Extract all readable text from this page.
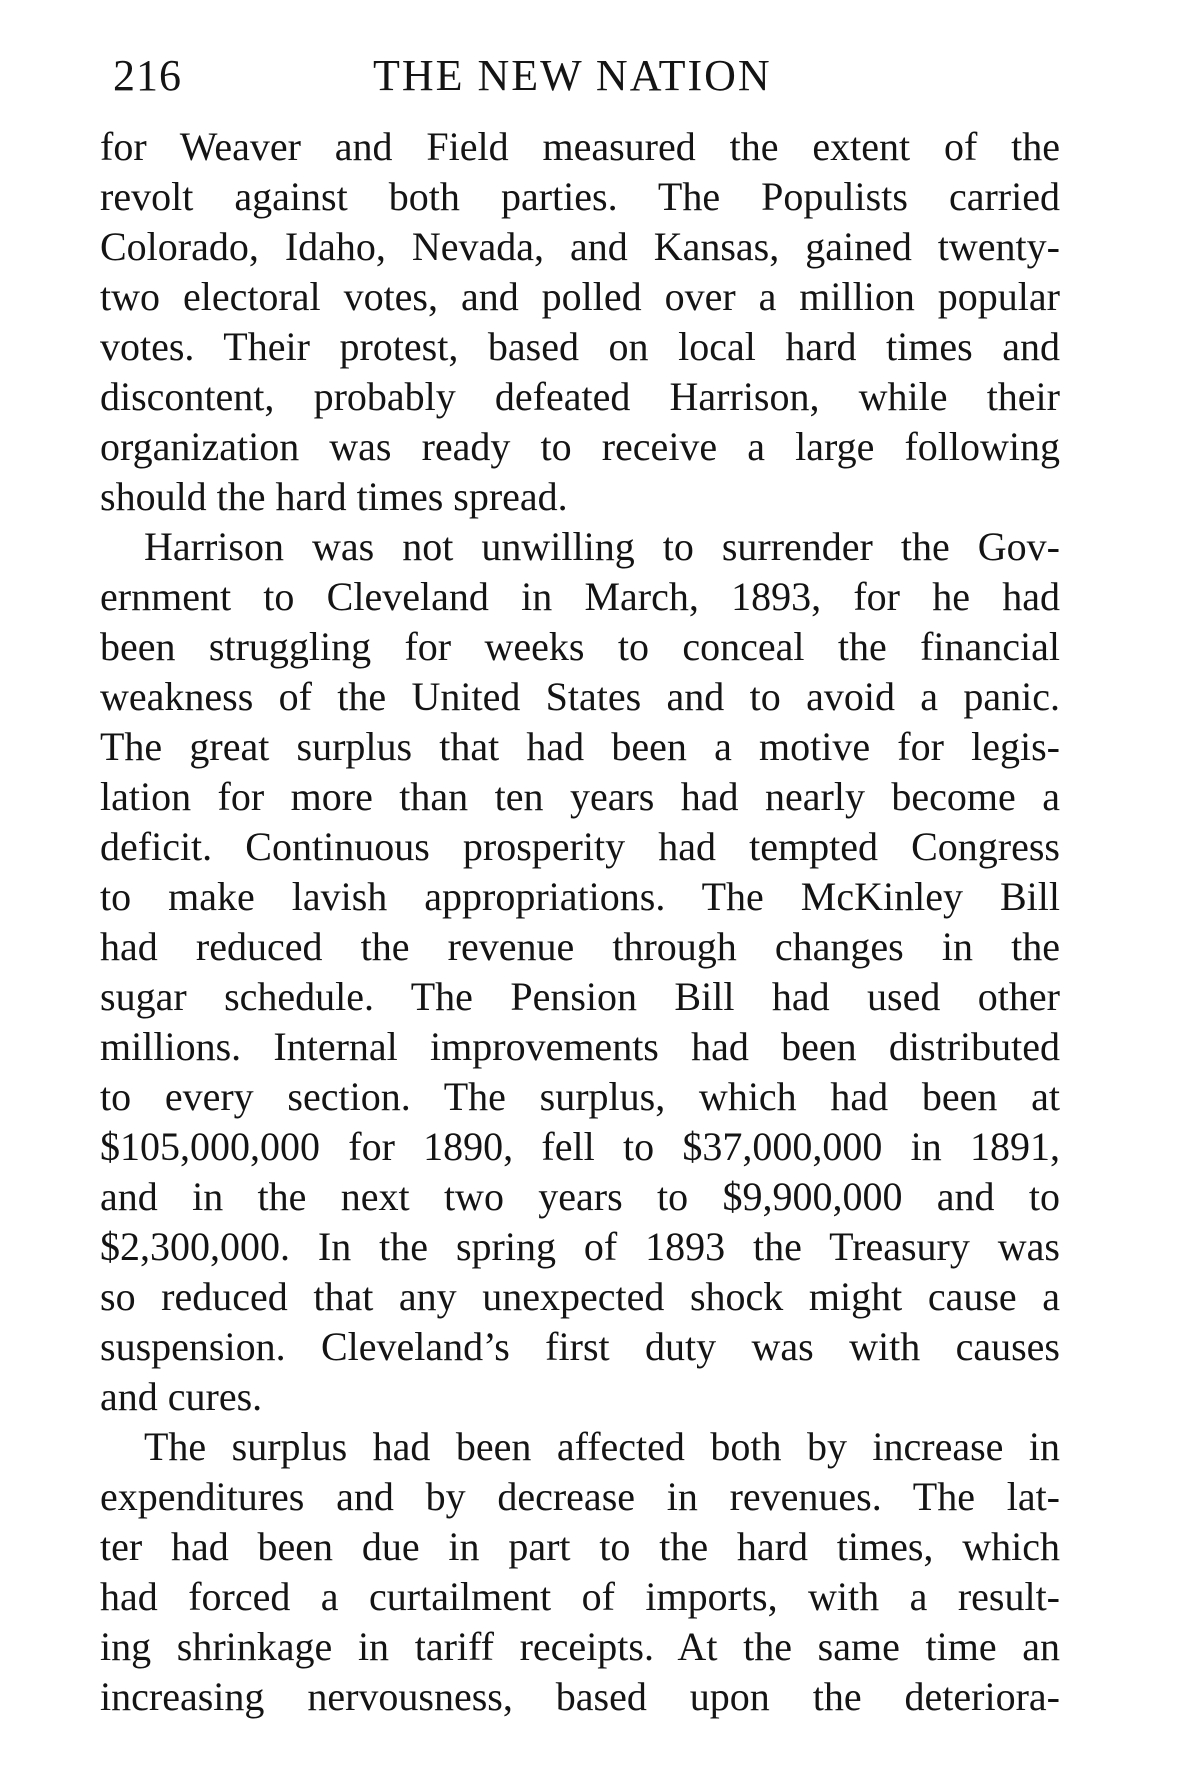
216	THE NEW NATION
for Weaver and Field measured the extent of the
revolt against both parties. The Populists carried
Colorado, Idaho, Nevada, and Kansas, gained twenty-
two electoral votes, and polled over a million popular
votes. Their protest, based on local hard times and
discontent, probably defeated Harrison, while their
organization was ready to receive a large following
should the hard times spread.
Harrison was not unwilling to surrender the Gov-
ernment to Cleveland in March, 1893, for he had
been struggling for weeks to conceal the financial
weakness of the United States and to avoid a panic.
The great surplus that had been a motive for legis-
lation for more than ten years had nearly become a
deficit. Continuous prosperity had tempted Congress
to make lavish appropriations. The McKinley Bill
had reduced the revenue through changes in the
sugar schedule. The Pension Bill had used other
millions. Internal improvements had been distributed
to every section. The surplus, which had been at
$105,000,000 for 1890, fell to $37,000,000 in 1891,
and in the next two years to $9,900,000 and to
$2,300,000. In the spring of 1893 the Treasury was
so reduced that any unexpected shock might cause a
suspension. Cleveland’s first duty was with causes
and cures.
The surplus had been affected both by increase in
expenditures and by decrease in revenues. The lat-
ter had been due in part to the hard times, which
had forced a curtailment of imports, with a result-
ing shrinkage in tariff receipts. At the same time an
increasing nervousness, based upon the deteriora-
